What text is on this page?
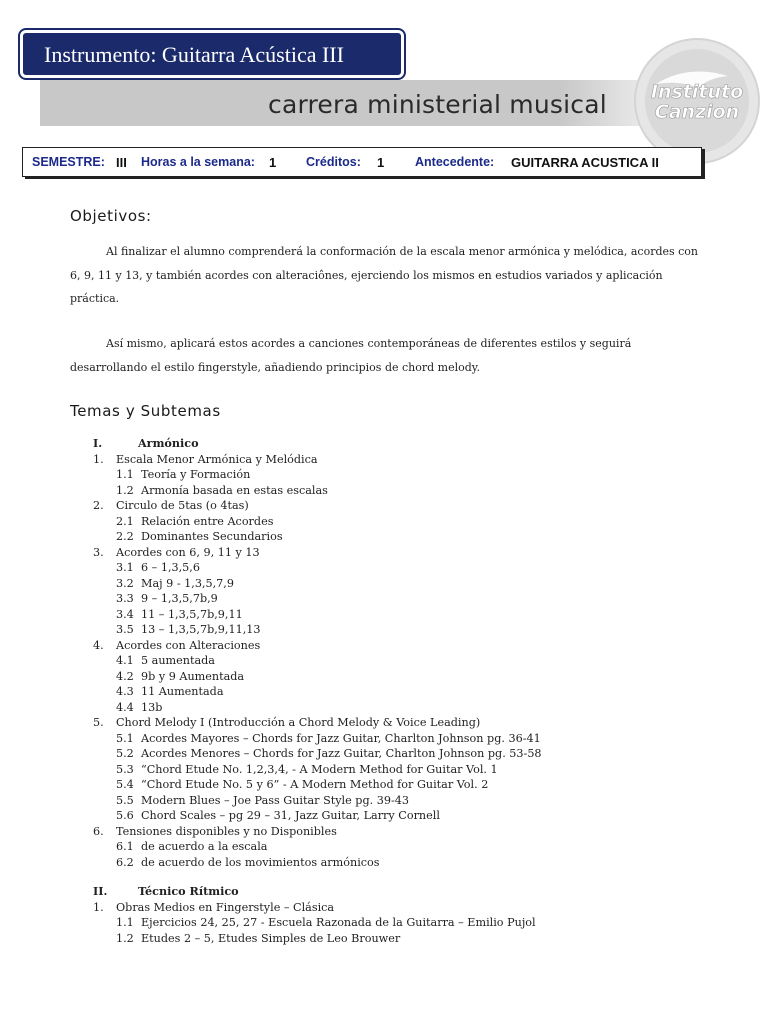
carrera ministerial musical
Instrumento: Guitarra Acústica III
Instituto
Canzion
SEMESTRE: III Horas a la semana: 1 Créditos: 1 Antecedente: GUITARRA ACUSTICA II
Objetivos:
Al finalizar el alumno comprenderá la conformación de la escala menor armónica y melódica, acordes con 6, 9, 11 y 13, y también acordes con alteraciônes, ejerciendo los mismos en estudios variados y aplicación práctica.
Así mismo, aplicará estos acordes a canciones contemporáneas de diferentes estilos y seguirá desarrollando el estilo fingerstyle, añadiendo principios de chord melody.
Temas y Subtemas
I.	Armónico
1. Escala Menor Armónica y Melódica
1.1 Teoría y Formación
1.2 Armonía basada en estas escalas
2. Circulo de 5tas (o 4tas)
2.1 Relación entre Acordes
2.2 Dominantes Secundarios
3. Acordes con 6, 9, 11 y 13
3.1 6 – 1,3,5,6
3.2 Maj 9 - 1,3,5,7,9
3.3 9 – 1,3,5,7b,9
3.4 11 – 1,3,5,7b,9,11
3.5 13 – 1,3,5,7b,9,11,13
4. Acordes con Alteraciones
4.1 5 aumentada
4.2 9b y 9 Aumentada
4.3 11 Aumentada
4.4 13b
5. Chord Melody I (Introducción a Chord Melody & Voice Leading)
5.1 Acordes Mayores – Chords for Jazz Guitar, Charlton Johnson pg. 36-41
5.2 Acordes Menores – Chords for Jazz Guitar, Charlton Johnson pg. 53-58
5.3 “Chord Etude No. 1,2,3,4, - A Modern Method for Guitar Vol. 1
5.4 “Chord Etude No. 5 y 6” - A Modern Method for Guitar Vol. 2
5.5 Modern Blues – Joe Pass Guitar Style pg. 39-43
5.6 Chord Scales – pg 29 – 31, Jazz Guitar, Larry Cornell
6. Tensiones disponibles y no Disponibles
6.1 de acuerdo a la escala
6.2 de acuerdo de los movimientos armónicos
II.	Técnico Rítmico
1. Obras Medios en Fingerstyle – Clásica
1.1 Ejercicios 24, 25, 27 - Escuela Razonada de la Guitarra – Emilio Pujol
1.2 Etudes 2 – 5, Etudes Simples de Leo Brouwer
